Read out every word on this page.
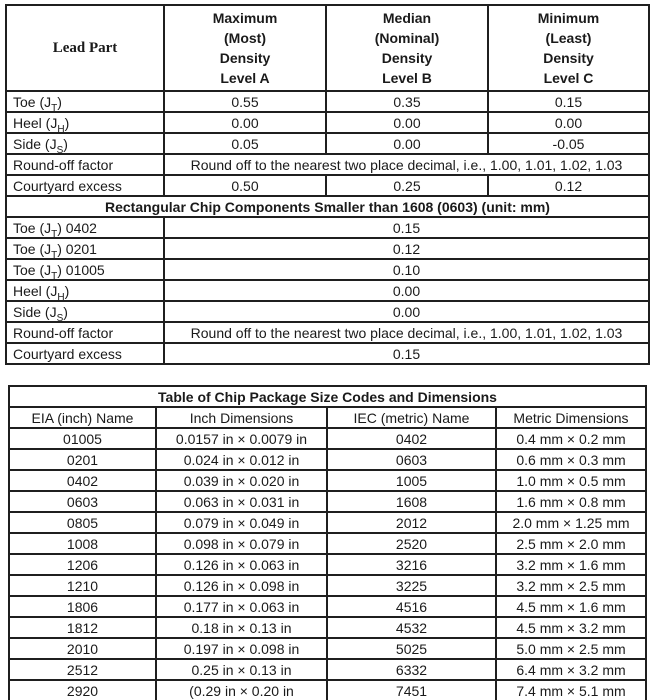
Lead Part	
Maximum
(Most)
Density
Level A

Median
(Nominal)
Density
Level B

Minimum
(Least)
Density
Level C

Toe $(J_T)$	0.55	0.35	0.15
Heel $(J_H)$	0.00	0.00	0.00
Side $(J_S)$	0.05	0.00	-0.05
Round-off factor	Round off to the nearest two place decimal, i.e., 1.00, 1.01, 1.02, 1.03		
Courtyard excess	0.50	0.25	0.12
Rectangular Chip Components Smaller than 1608 (0603) (unit: mm)			
Toe $(J_T)$ 0402	0.15		
Toe $(J_T)$ 0201	0.12		
Toe $(J_T)$ 01005	0.10		
Heel $(J_H)$	0.00		
Side $(J_S)$	0.00		
Round-off factor	Round off to the nearest two place decimal, i.e., 1.00, 1.01, 1.02, 1.03		
Courtyard excess	0.15		
Table of Chip Package Size Codes and Dimensions			
EIA (inch) Name	Inch Dimensions	IEC (metric) Name	Metric Dimensions
01005	0.0157 in × 0.0079 in	0402	0.4 mm × 0.2 mm
0201	0.024 in × 0.012 in	0603	0.6 mm × 0.3 mm
0402	0.039 in × 0.020 in	1005	1.0 mm × 0.5 mm
0603	0.063 in × 0.031 in	1608	1.6 mm × 0.8 mm
0805	0.079 in × 0.049 in	2012	2.0 mm × 1.25 mm
1008	0.098 in × 0.079 in	2520	2.5 mm × 2.0 mm
1206	0.126 in × 0.063 in	3216	3.2 mm × 1.6 mm
1210	0.126 in × 0.098 in	3225	3.2 mm × 2.5 mm
1806	0.177 in × 0.063 in	4516	4.5 mm × 1.6 mm
1812	0.18 in × 0.13 in	4532	4.5 mm × 3.2 mm
2010	0.197 in × 0.098 in	5025	5.0 mm × 2.5 mm
2512	0.25 in × 0.13 in	6332	6.4 mm × 3.2 mm
2920	(0.29 in × 0.20 in	7451	7.4 mm × 5.1 mm
